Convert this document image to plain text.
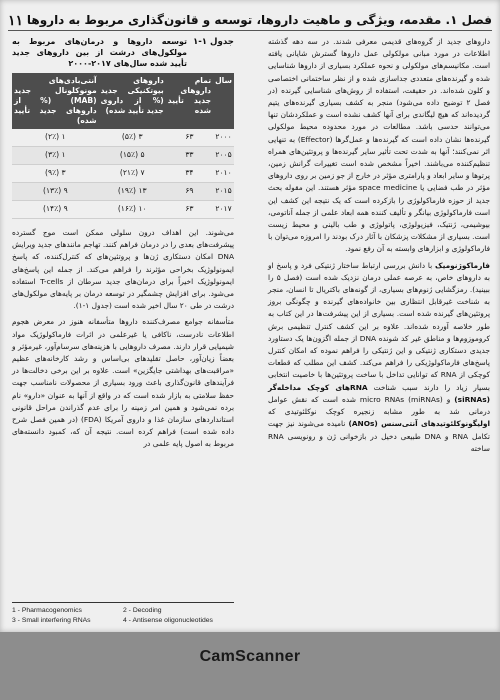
فصل ۱. مقدمه، ویژگی و ماهیت داروها، توسعه و قانون‌گذاری مربوط به داروها
۱۱

داروهای جدید از گروه‌های قدیمی معرفی شدند. در سه دهه گذشته اطلاعات در مورد مبانی مولکولی عمل داروها گسترش شایانی یافته است. مکانیسم‌های مولکولی و نحوه عملکرد بسیاری از داروها شناسایی شده و گیرنده‌های متعددی جداسازی شده و از نظر ساختمانی اختصاصی و کلون شده‌اند. در حقیقت، استفاده از روش‌های شناسایی گیرنده (در فصل ۲ توضیح داده می‌شود) منجر به کشف بسیاری گیرنده‌های یتیم گردیده‌اند که هیچ لیگاندی برای آنها کشف نشده است و عملکردشان تنها می‌توانند حدسی باشد. مطالعات در مورد محدوده محیط مولکولی گیرنده‌ها نشان داده است که گیرنده‌ها و عمل‌گرها (Effector) به تنهایی اثر نمی‌کنند؛ آنها به شدت تحت تأثیر سایر گیرنده‌ها و پروتئین‌های همراه تنظیم‌کننده می‌باشند. اخیراً مشخص شده است تغییرات گرانش زمین، پرتوها و سایر ابعاد و پارامتری مؤثر در خارج از جو زمین بر روی داروهای مؤثر در طب فضایی یا space medicine مؤثر هستند. این مقوله بحث جدید از حوزه فارماکولوژی را بازکرده است که یک نتیجه این کشف این است فارماکولوژی بیانگر و تألیف کننده همه ابعاد علمی از جمله آناتومی، بیوشیمی، ژنتیک، فیزیولوژی، پاتولوژی و طب بالینی و محیط زیست است. بسیاری از مشکلات پزشکان با آثار درک بودند را امروزه می‌توان با فارماکولوژی و ابزارهای وابسته به آن رفع نمود.

فارماکوژنومیک با دانش بررسی ارتباط ساختار ژنتیکی فرد و پاسخ او به داروهای خاص، به عرصه عملی درمان نزدیک شده است (فصل ۵ را ببینید). رمزگشایی ژنوم‌های بسیاری، از گونه‌های باکتریال تا انسان، منجر به شناخت غیرقابل انتظاری بین خانواده‌های گیرنده و چگونگی بروز پروتئین‌های گیرنده شده است. بسیاری از این پیشرفت‌ها در این کتاب به طور خلاصه آورده شده‌اند. علاوه بر این کشف کنترل تنظیمی برش کروموزوم‌ها و مناطق غیر کد شونده DNA از جمله اگزون‌ها یک دستاورد جدیدی دستکاری ژنتیکی و این ژنتیکی را فراهم نموده که امکان کنترل پاسخ‌های فارماکولوژیکی را فراهم می‌کند. کشف این مطلب که قطعات کوچکی از RNA که توانایی تداخل با ساخت پروتئین‌ها با خاصیت انتخابی بسیار زیاد را دارند سبب شناخت RNAهای کوچک مداخله‌گر (siRNAs) و micro RNAs (miRNAs) شده است که نقش عوامل درمانی شد به طور مشابه زنجیره کوچک نوکلئوتیدی که اولیگونوکلئوتیدهای آنتی‌سنس (ANOs) نامیده می‌شوند نیز جهت تکامل RNA و DNA طبیعی دخیل در بازخوانی ژن و رونویسی RNA ساخته

جدول ۱-۱
توسعه داروها و درمان‌های مربوط به مولکول‌های درشت از بین داروهای جدید تأیید شده سال‌های ۲۰۱۷-۲۰۰۰
سال	تمام داروهای جدید تأیید شده	داروهای بیوتکنیکی جدید (% از داروی جدید تأیید شده)	آنتی‌بادی‌های مونوکلونال جدید (MAB) (% از داروهای جدید تأیید شده)
۲۰۰۰	۶۳	۳ (۵٪)	۱ (۲٪)
۲۰۰۵	۳۳	۵ (۱۵٪)	۱ (۳٪)
۲۰۱۰	۳۴	۷ (۲۱٪)	۳ (۹٪)
۲۰۱۵	۶۹	۱۳ (۱۹٪)	۹ (۱۳٪)
۲۰۱۷	۶۳	۱۰ (۱۶٪)	۹ (۱۴٪)

می‌شوند. این اهداف درون سلولی ممکن است موج گسترده پیشرفت‌های بعدی را در درمان فراهم کنند. تهاجم مانندهای جدید ویرایش DNA امکان دستکاری ژن‌ها و پروتئین‌های که کنترل‌کننده، که پاسخ ایمونولوژیک بخراحی مؤثرند را فراهم می‌کند. از جمله این پاسخ‌های ایمونولوژیک اخیراً برای درمان‌های جدید سرطان از T-cells استفاده می‌شود. برای افزایش چشمگیر در توسعه درمان بر پایه‌های مولکول‌های درشت در طی ۲۰ سال اخیر شده است (جدول ۱-۱).

متأسفانه جوامع مصرف‌کننده داروها متأسفانه هنوز در معرض هجوم اطلاعات نادرست، ناکافی یا غیرعلمی در اثرات فارماکولوژیک مواد شیمیایی قرار دارند. مصرف داروهایی با هزینه‌های سرسام‌آور، غیرمؤثر و بعضاً زیان‌آور، حاصل تقلیدهای بی‌اساس و رشد کارخانه‌های عظیم «مراقبت‌های بهداشتی جایگزین» است. علاوه بر این برخی دخالت‌ها در فرآیندهای قانون‌گذاری باعث ورود بسیاری از محصولات نامناسب جهت حفظ سلامتی به بازار شده است که در واقع از آنها به عنوان «دارو» نام برده نمی‌شود و همین امر زمینه را برای عدم گذراندن مراحل قانونی استانداردهای سازمان غذا و داروی آمریکا (FDA) (در همین فصل شرح داده شده است) فراهم کرده است. نتیجه آن که، کمبود دانسته‌های مربوط به اصول پایه علمی در

1 - Pharmacogenomics	2 - Decoding
3 - Small interfering RNAs	4 - Antisense oligonucleotides
CamScanner
